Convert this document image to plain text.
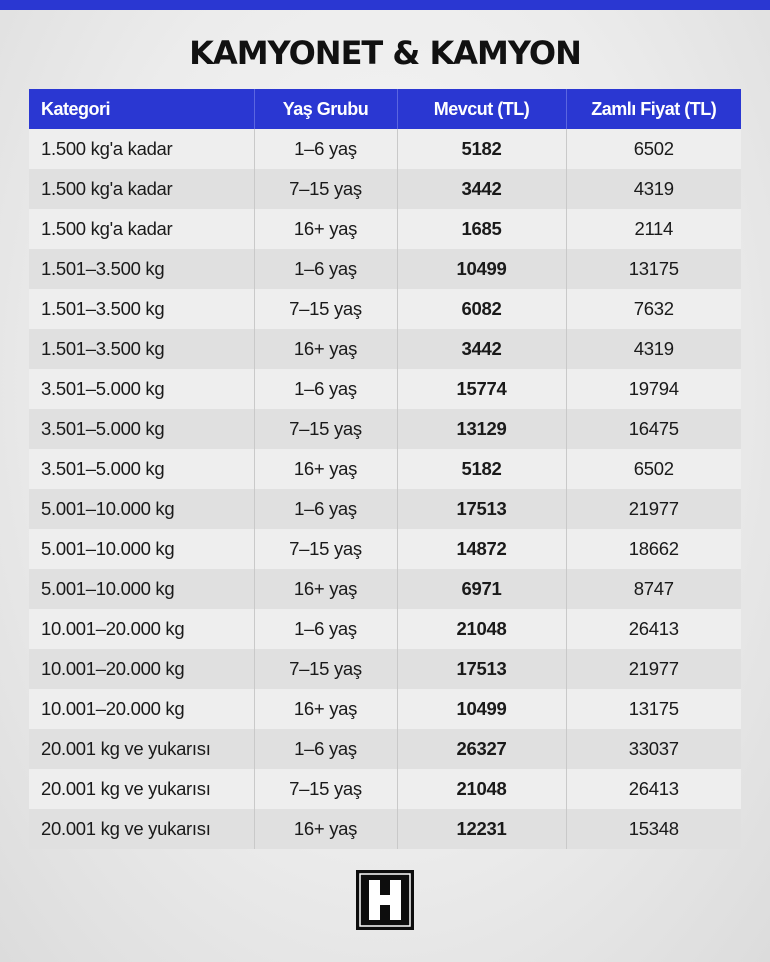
KAMYONET & KAMYON
Kategori	Yaş Grubu	Mevcut (TL)	Zamlı Fiyat (TL)
1.500 kg'a kadar	1–6 yaş	5182	6502
1.500 kg'a kadar	7–15 yaş	3442	4319
1.500 kg'a kadar	16+ yaş	1685	2114
1.501–3.500 kg	1–6 yaş	10499	13175
1.501–3.500 kg	7–15 yaş	6082	7632
1.501–3.500 kg	16+ yaş	3442	4319
3.501–5.000 kg	1–6 yaş	15774	19794
3.501–5.000 kg	7–15 yaş	13129	16475
3.501–5.000 kg	16+ yaş	5182	6502
5.001–10.000 kg	1–6 yaş	17513	21977
5.001–10.000 kg	7–15 yaş	14872	18662
5.001–10.000 kg	16+ yaş	6971	8747
10.001–20.000 kg	1–6 yaş	21048	26413
10.001–20.000 kg	7–15 yaş	17513	21977
10.001–20.000 kg	16+ yaş	10499	13175
20.001 kg ve yukarısı	1–6 yaş	26327	33037
20.001 kg ve yukarısı	7–15 yaş	21048	26413
20.001 kg ve yukarısı	16+ yaş	12231	15348
